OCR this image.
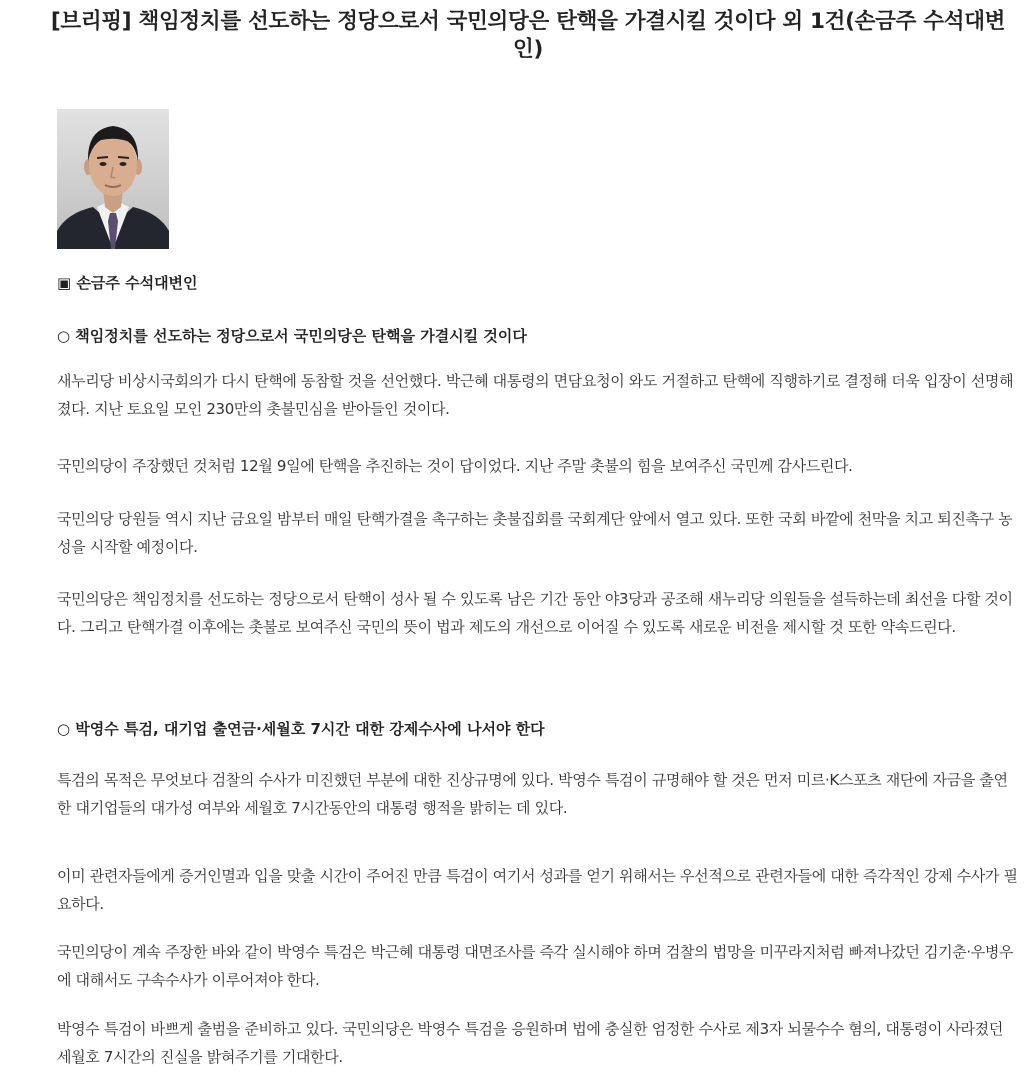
[브리핑] 책임정치를 선도하는 정당으로서 국민의당은 탄핵을 가결시킬 것이다 외 1건(손금주 수석대변인)

▣ 손금주 수석대변인

○ 책임정치를 선도하는 정당으로서 국민의당은 탄핵을 가결시킬 것이다

새누리당 비상시국회의가 다시 탄핵에 동참할 것을 선언했다. 박근혜 대통령의 면담요청이 와도 거절하고 탄핵에 직행하기로 결정해 더욱 입장이 선명해졌다. 지난 토요일 모인 230만의 촛불민심을 받아들인 것이다.

국민의당이 주장했던 것처럼 12월 9일에 탄핵을 추진하는 것이 답이었다. 지난 주말 촛불의 힘을 보여주신 국민께 감사드린다.

국민의당 당원들 역시 지난 금요일 밤부터 매일 탄핵가결을 촉구하는 촛불집회를 국회계단 앞에서 열고 있다. 또한 국회 바깥에 천막을 치고 퇴진촉구 농성을 시작할 예정이다.

국민의당은 책임정치를 선도하는 정당으로서 탄핵이 성사 될 수 있도록 남은 기간 동안 야3당과 공조해 새누리당 의원들을 설득하는데 최선을 다할 것이다. 그리고 탄핵가결 이후에는 촛불로 보여주신 국민의 뜻이 법과 제도의 개선으로 이어질 수 있도록 새로운 비전을 제시할 것 또한 약속드린다.

○ 박영수 특검, 대기업 출연금·세월호 7시간 대한 강제수사에 나서야 한다

특검의 목적은 무엇보다 검찰의 수사가 미진했던 부분에 대한 진상규명에 있다. 박영수 특검이 규명해야 할 것은 먼저 미르·K스포츠 재단에 자금을 출연한 대기업들의 대가성 여부와 세월호 7시간동안의 대통령 행적을 밝히는 데 있다.

이미 관련자들에게 증거인멸과 입을 맞출 시간이 주어진 만큼 특검이 여기서 성과를 얻기 위해서는 우선적으로 관련자들에 대한 즉각적인 강제 수사가 필요하다.

국민의당이 계속 주장한 바와 같이 박영수 특검은 박근혜 대통령 대면조사를 즉각 실시해야 하며 검찰의 법망을 미꾸라지처럼 빠져나갔던 김기춘·우병우에 대해서도 구속수사가 이루어져야 한다.

박영수 특검이 바쁘게 출범을 준비하고 있다. 국민의당은 박영수 특검을 응원하며 법에 충실한 엄정한 수사로 제3자 뇌물수수 혐의, 대통령이 사라졌던 세월호 7시간의 진실을 밝혀주기를 기대한다.
